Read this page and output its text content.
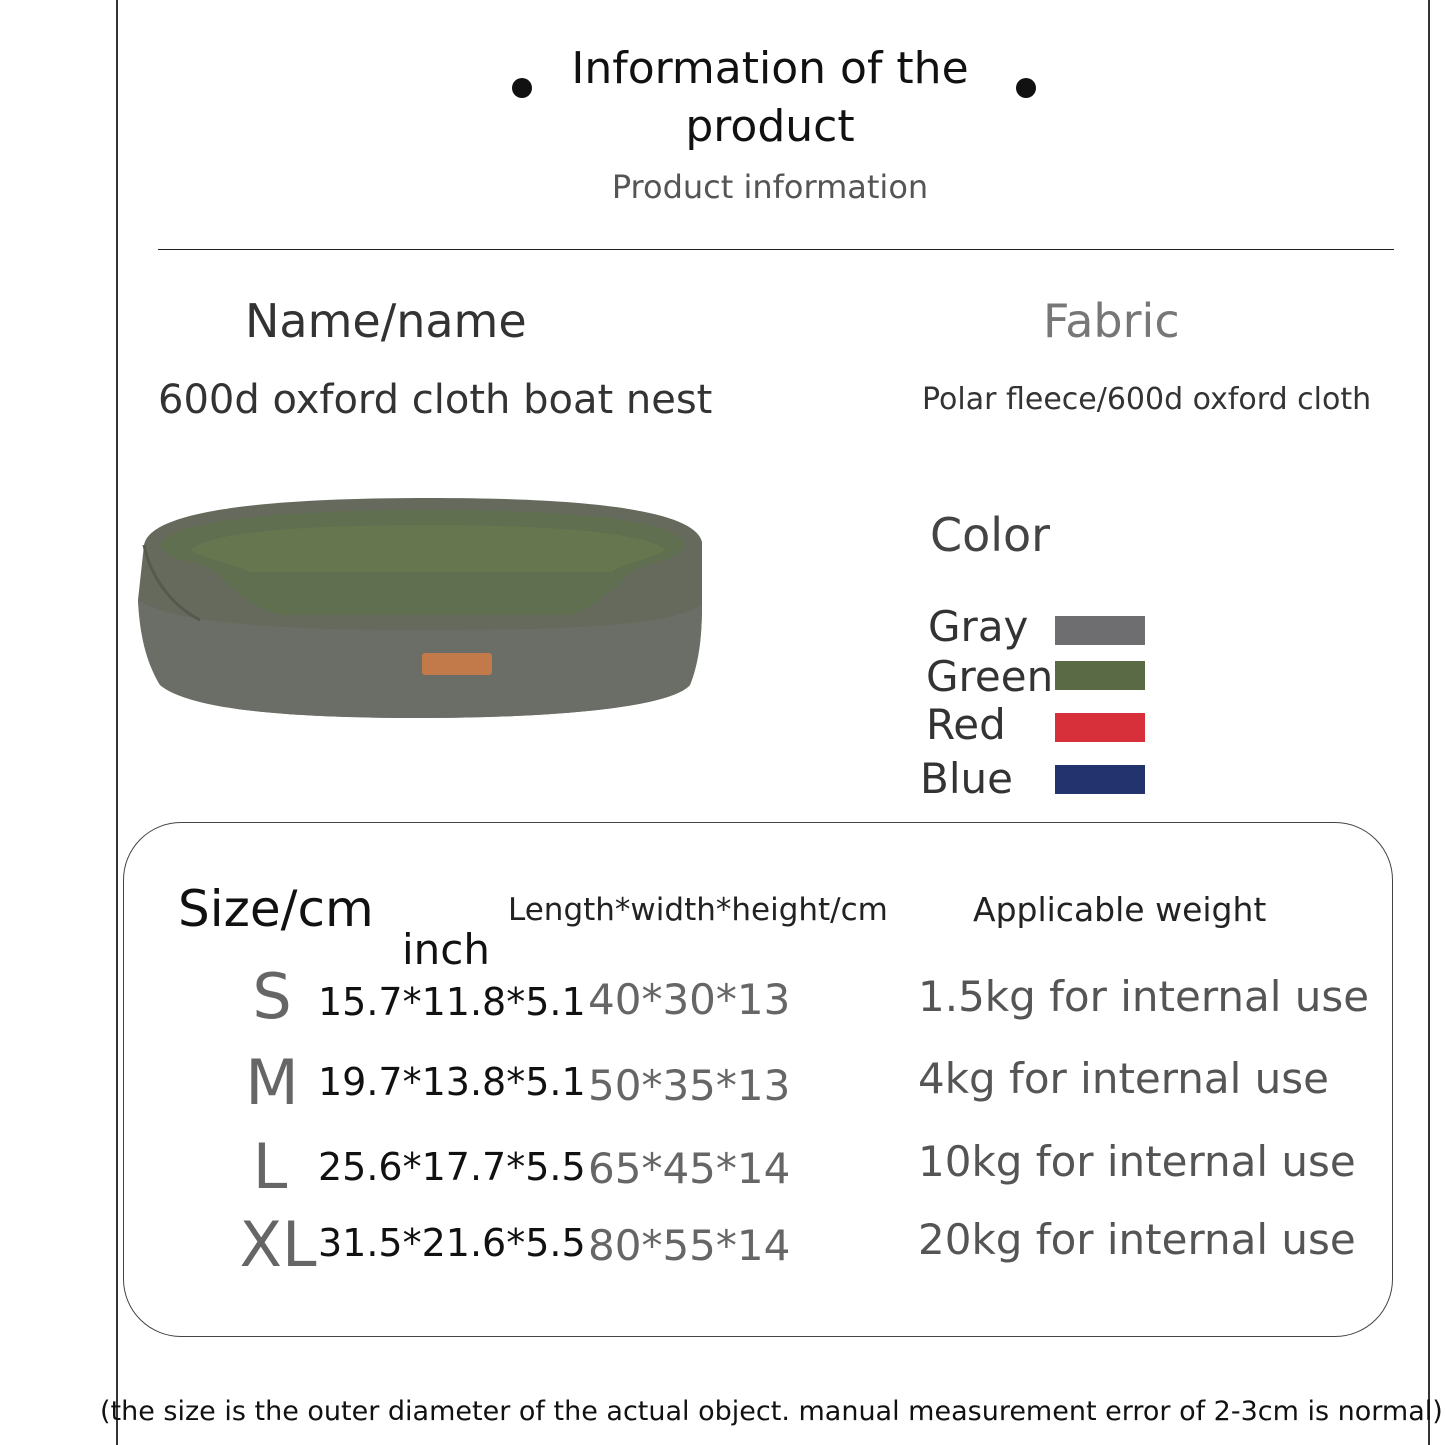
Information of the product
Product information
Name/name	Fabric
600d oxford cloth boat nest	Polar fleece/600d oxford cloth
Color
Gray
Green
Red
Blue
Size/cm
inch
Length*width*height/cm	Applicable weight
S 15.7*11.8*5.1 40*30*13	1.5kg for internal use
M 19.7*13.8*5.1 50*35*13	4kg for internal use
L 25.6*17.7*5.5 65*45*14	10kg for internal use
XL 31.5*21.6*5.5 80*55*14	20kg for internal use
(the size is the outer diameter of the actual object. manual measurement error of 2-3cm is normal)
